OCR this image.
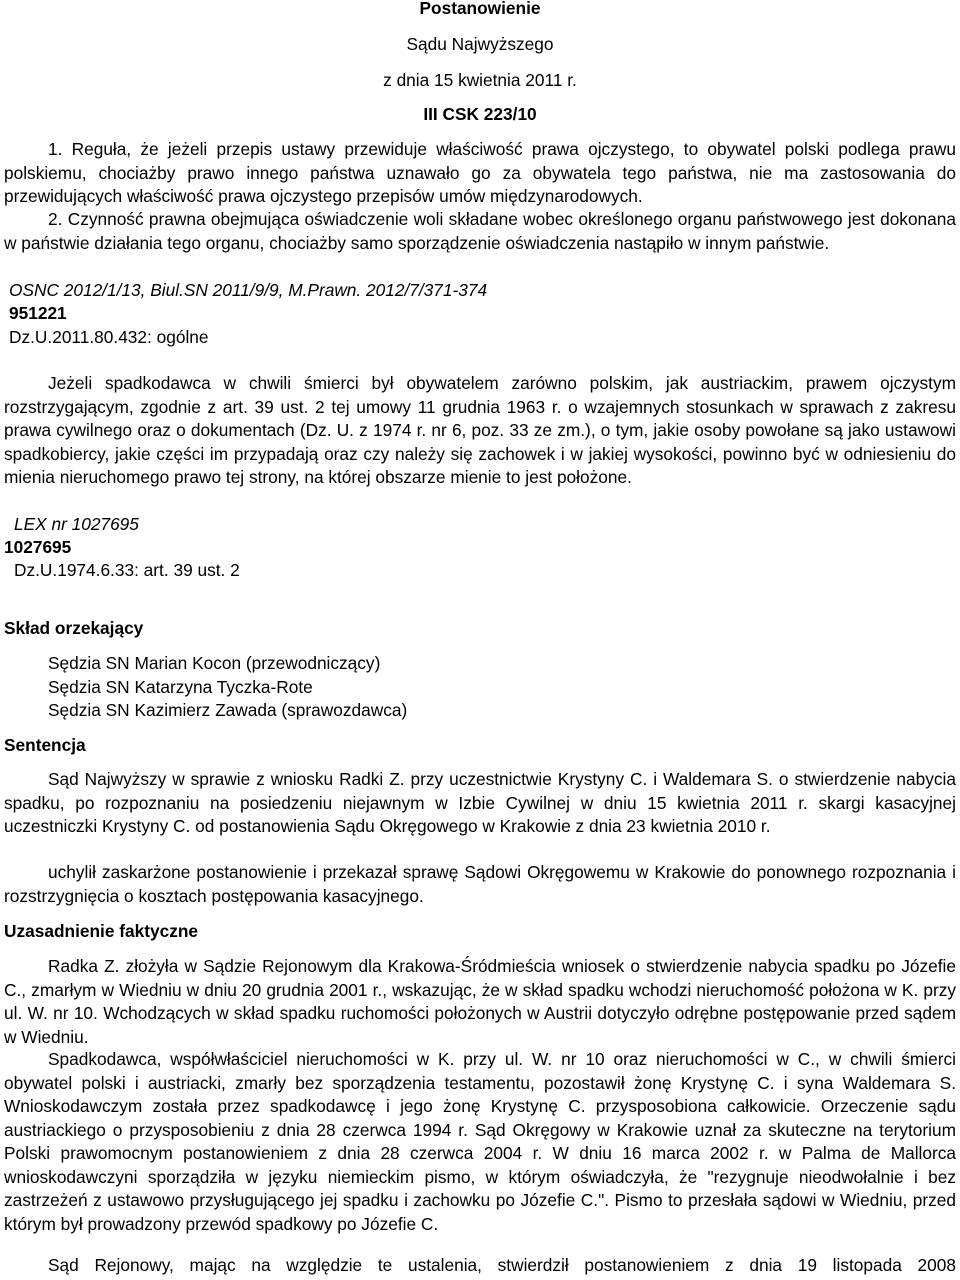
Postanowienie
Sądu Najwyższego
z dnia 15 kwietnia 2011 r.
III CSK 223/10

1. Reguła, że jeżeli przepis ustawy przewiduje właściwość prawa ojczystego, to obywatel polski podlega prawu polskiemu, chociażby prawo innego państwa uznawało go za obywatela tego państwa, nie ma zastosowania do przewidujących właściwość prawa ojczystego przepisów umów międzynarodowych.

2. Czynność prawna obejmująca oświadczenie woli składane wobec określonego organu państwowego jest dokonana w państwie działania tego organu, chociażby samo sporządzenie oświadczenia nastąpiło w innym państwie.

OSNC 2012/1/13, Biul.SN 2011/9/9, M.Prawn. 2012/7/371-374
951221
Dz.U.2011.80.432: ogólne

Jeżeli spadkodawca w chwili śmierci był obywatelem zarówno polskim, jak austriackim, prawem ojczystym rozstrzygającym, zgodnie z art. 39 ust. 2 tej umowy 11 grudnia 1963 r. o wzajemnych stosunkach w sprawach z zakresu prawa cywilnego oraz o dokumentach (Dz. U. z 1974 r. nr 6, poz. 33 ze zm.), o tym, jakie osoby powołane są jako ustawowi spadkobiercy, jakie części im przypadają oraz czy należy się zachowek i w jakiej wysokości, powinno być w odniesieniu do mienia nieruchomego prawo tej strony, na której obszarze mienie to jest położone.

LEX nr 1027695
1027695
Dz.U.1974.6.33: art. 39 ust. 2
Skład orzekający
Sędzia SN Marian Kocon (przewodniczący)
Sędzia SN Katarzyna Tyczka-Rote
Sędzia SN Kazimierz Zawada (sprawozdawca)
Sentencja

Sąd Najwyższy w sprawie z wniosku Radki Z. przy uczestnictwie Krystyny C. i Waldemara S. o stwierdzenie nabycia spadku, po rozpoznaniu na posiedzeniu niejawnym w Izbie Cywilnej w dniu 15 kwietnia 2011 r. skargi kasacyjnej uczestniczki Krystyny C. od postanowienia Sądu Okręgowego w Krakowie z dnia 23 kwietnia 2010 r.

uchylił zaskarżone postanowienie i przekazał sprawę Sądowi Okręgowemu w Krakowie do ponownego rozpoznania i rozstrzygnięcia o kosztach postępowania kasacyjnego.

Uzasadnienie faktyczne

Radka Z. złożyła w Sądzie Rejonowym dla Krakowa-Śródmieścia wniosek o stwierdzenie nabycia spadku po Józefie C., zmarłym w Wiedniu w dniu 20 grudnia 2001 r., wskazując, że w skład spadku wchodzi nieruchomość położona w K. przy ul. W. nr 10. Wchodzących w skład spadku ruchomości położonych w Austrii dotyczyło odrębne postępowanie przed sądem w Wiedniu.

Spadkodawca, współwłaściciel nieruchomości w K. przy ul. W. nr 10 oraz nieruchomości w C., w chwili śmierci obywatel polski i austriacki, zmarły bez sporządzenia testamentu, pozostawił żonę Krystynę C. i syna Waldemara S. Wnioskodawczym została przez spadkodawcę i jego żonę Krystynę C. przysposobiona całkowicie. Orzeczenie sądu austriackiego o przysposobieniu z dnia 28 czerwca 1994 r. Sąd Okręgowy w Krakowie uznał za skuteczne na terytorium Polski prawomocnym postanowieniem z dnia 28 czerwca 2004 r. W dniu 16 marca 2002 r. w Palma de Mallorca wnioskodawczyni sporządziła w języku niemieckim pismo, w którym oświadczyła, że "rezygnuje nieodwołalnie i bez zastrzeżeń z ustawowo przysługującego jej spadku i zachowku po Józefie C.". Pismo to przesłała sądowi w Wiedniu, przed którym był prowadzony przewód spadkowy po Józefie C.

Sąd Rejonowy, mając na względzie te ustalenia, stwierdził postanowieniem z dnia 19 listopada 2008
